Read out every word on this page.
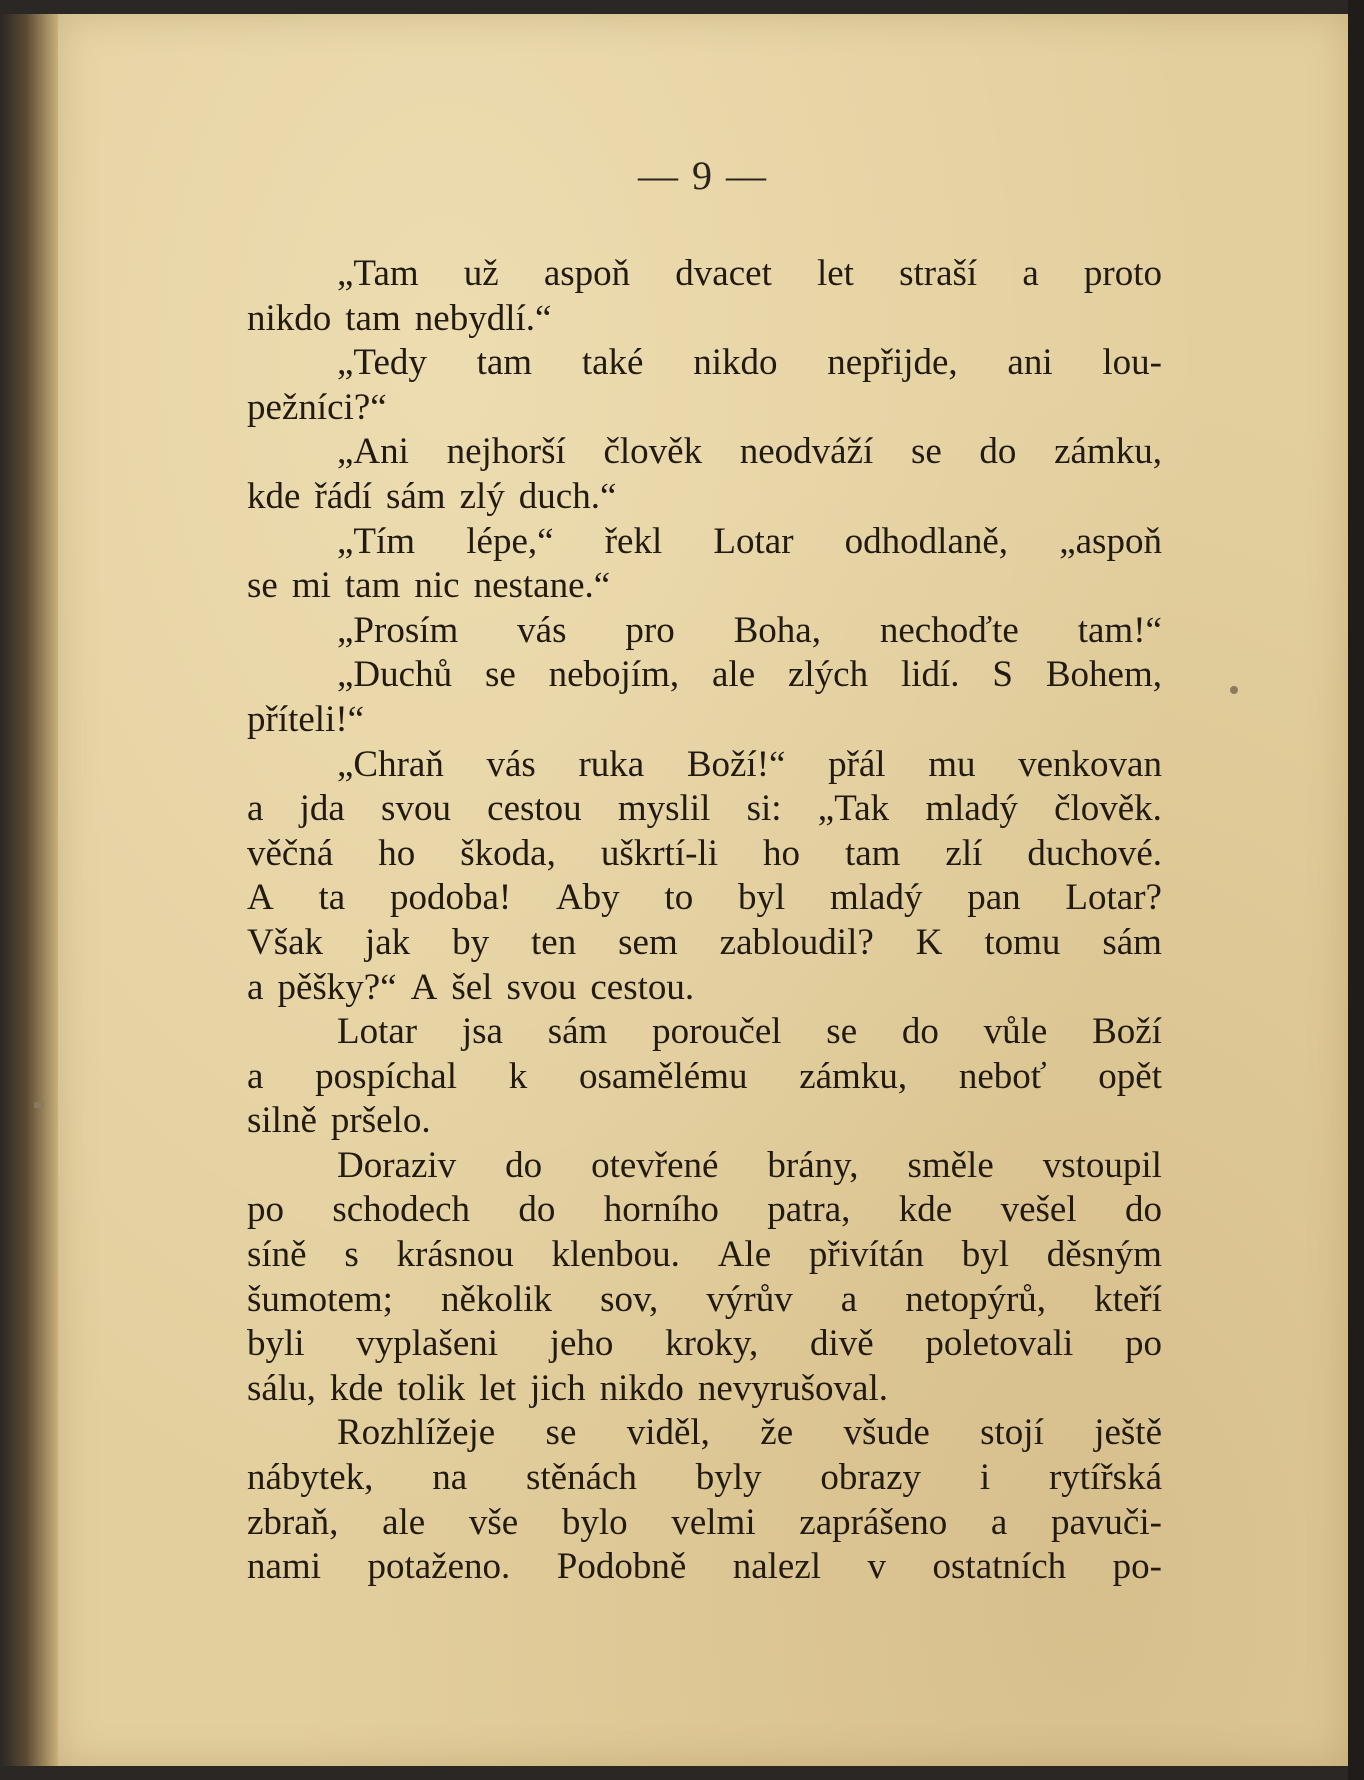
— 9 —
„Tam už aspoň dvacet let straší a proto
nikdo tam nebydlí.“
„Tedy tam také nikdo nepřijde, ani lou-
pežníci?“
„Ani nejhorší člověk neodváží se do zámku,
kde řádí sám zlý duch.“
„Tím lépe,“ řekl Lotar odhodlaně, „aspoň
se mi tam nic nestane.“
„Prosím vás pro Boha, nechoďte tam!“
„Duchů se nebojím, ale zlých lidí. S Bohem,
příteli!“
„Chraň vás ruka Boží!“ přál mu venkovan
a jda svou cestou myslil si: „Tak mladý člověk.
věčná ho škoda, uškrtí-li ho tam zlí duchové.
A ta podoba! Aby to byl mladý pan Lotar?
Však jak by ten sem zabloudil? K tomu sám
a pěšky?“ A šel svou cestou.
Lotar jsa sám poroučel se do vůle Boží
a pospíchal k osamělému zámku, neboť opět
silně pršelo.
Doraziv do otevřené brány, směle vstoupil
po schodech do horního patra, kde vešel do
síně s krásnou klenbou. Ale přivítán byl děsným
šumotem; několik sov, výrův a netopýrů, kteří
byli vyplašeni jeho kroky, divě poletovali po
sálu, kde tolik let jich nikdo nevyrušoval.
Rozhlížeje se viděl, že všude stojí ještě
nábytek, na stěnách byly obrazy i rytířská
zbraň, ale vše bylo velmi zaprášeno a pavuči-
nami potaženo. Podobně nalezl v ostatních po-
